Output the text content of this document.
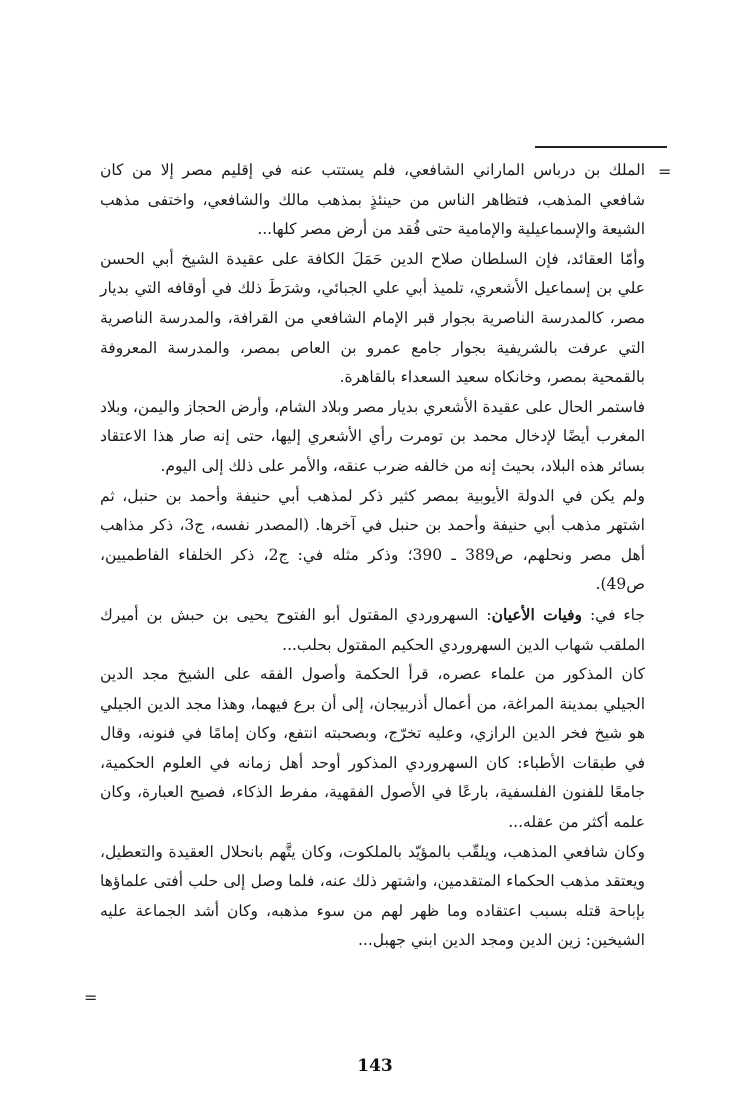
=

الملك بن درباس الماراني الشافعي، فلم يستتب عنه في إقليم مصر إلا من كان شافعي المذهب، فتظاهر الناس من حينئذٍ بمذهب مالك والشافعي، واختفى مذهب الشيعة والإسماعيلية والإمامية حتى فُقد من أرض مصر كلها...

وأمّا العقائد، فإن السلطان صلاح الدين حَمَلَ الكافة على عقيدة الشيخ أبي الحسن علي بن إسماعيل الأشعري، تلميذ أبي علي الجبائي، وشرَطَ ذلك في أوقافه التي بديار مصر، كالمدرسة الناصرية بجوار قبر الإمام الشافعي من القرافة، والمدرسة الناصرية التي عرفت بالشريفية بجوار جامع عمرو بن العاص بمصر، والمدرسة المعروفة بالقمحية بمصر، وخانكاه سعيد السعداء بالقاهرة.

فاستمر الحال على عقيدة الأشعري بديار مصر وبلاد الشام، وأرض الحجاز واليمن، وبلاد المغرب أيضًا لإدخال محمد بن تومرت رأي الأشعري إليها، حتى إنه صار هذا الاعتقاد بسائر هذه البلاد، بحيث إنه من خالفه ضرب عنقه، والأمر على ذلك إلى اليوم.

ولم يكن في الدولة الأيوبية بمصر كثير ذكر لمذهب أبي حنيفة وأحمد بن حنبل، ثم اشتهر مذهب أبي حنيفة وأحمد بن حنبل في آخرها. (المصدر نفسه، ج3، ذكر مذاهب أهل مصر ونحلهم، ص389 ـ 390؛ وذكر مثله في: ج2، ذكر الخلفاء الفاطميين، ص49).

جاء في: وفيات الأعيان: السهروردي المقتول أبو الفتوح يحيى بن حبش بن أميرك الملقب شهاب الدين السهروردي الحكيم المقتول بحلب...

كان المذكور من علماء عصره، قرأ الحكمة وأصول الفقه على الشيخ مجد الدين الجيلي بمدينة المراغة، من أعمال أذربيجان، إلى أن برع فيهما، وهذا مجد الدين الجيلي هو شيخ فخر الدين الرازي، وعليه تخرّج، وبصحبته انتفع، وكان إمامًا في فنونه، وقال في طبقات الأطباء: كان السهروردي المذكور أوحد أهل زمانه في العلوم الحكمية، جامعًا للفنون الفلسفية، بارعًا في الأصول الفقهية، مفرط الذكاء، فصيح العبارة، وكان علمه أكثر من عقله...

وكان شافعي المذهب، ويلقّب بالمؤيّد بالملكوت، وكان يتَّهم بانحلال العقيدة والتعطيل، ويعتقد مذهب الحكماء المتقدمين، واشتهر ذلك عنه، فلما وصل إلى حلب أفتى علماؤها بإباحة قتله بسبب اعتقاده وما ظهر لهم من سوء مذهبه، وكان أشد الجماعة عليه الشيخين: زين الدين ومجد الدين ابني جهبل...

=
143
